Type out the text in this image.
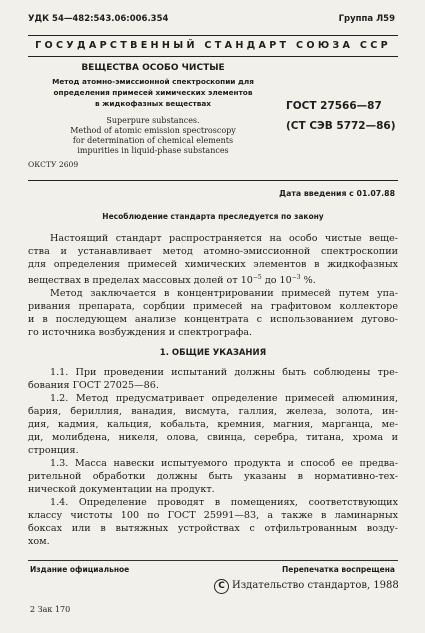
УДК 54—482:543.06:006.354	Группа Л59
ГОСУДАРСТВЕННЫЙ СТАНДАРТ СОЮЗА ССР
ВЕЩЕСТВА ОСОБО ЧИСТЫЕ
Метод атомно-эмиссионной спектроскопии для
определения примесей химических элементов
в жидкофазных веществах
Superpure substances.
Method of atomic emission spectroscopy
for determination of chemical elements
impurities in liquid-phase substances
ГОСТ 27566—87
(СТ СЭВ 5772—86)
ОКСТУ 2609
Дата введения с 01.07.88
Несоблюдение стандарта преследуется по закону
Настоящий стандарт распространяется на особо чистые веще-
ства и устанавливает метод атомно-эмиссионной спектроскопии
для определения примесей химических элементов в жидкофазных
веществах в пределах массовых долей от $10^{-5}$ до $10^{-3}$ %.
Метод заключается в концентрировании примесей путем упа-
ривания препарата, сорбции примесей на графитовом коллекторе
и в последующем анализе концентрата с использованием дугово-
го источника возбуждения и спектрографа.
1. ОБЩИЕ УКАЗАНИЯ
1.1. При проведении испытаний должны быть соблюдены тре-
бования ГОСТ 27025—86.
1.2. Метод предусматривает определение примесей алюминия,
бария, бериллия, ванадия, висмута, галлия, железа, золота, ин-
дия, кадмия, кальция, кобальта, кремния, магния, марганца, ме-
ди, молибдена, никеля, олова, свинца, серебра, титана, хрома и
стронция.
1.3. Масса навески испытуемого продукта и способ ее предва-
рительной обработки должны быть указаны в нормативно-тех-
нической документации на продукт.
1.4. Определение проводят в помещениях, соответствующих
классу чистоты 100 по ГОСТ 25991—83, а также в ламинарных
боксах или в вытяжных устройствах с отфильтрованным возду-
хом.
Издание официальное	Перепечатка воспрещена
C Издательство стандартов, 1988
2 Зак 170
